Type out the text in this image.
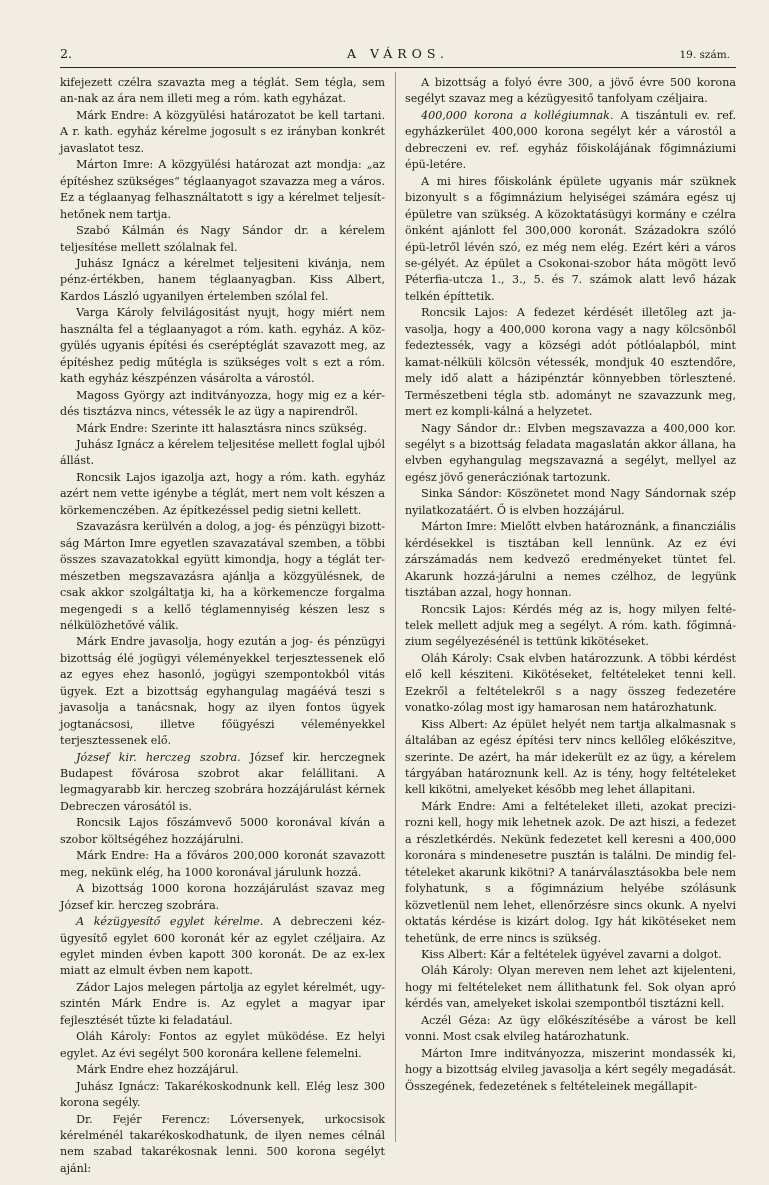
2.	A VÁROS.	19. szám.

kifejezett czélra szavazta meg a téglát. Sem tégla, sem an-nak az ára nem illeti meg a róm. kath egyházat.

Márk Endre: A közgyülési határozatot be kell tartani. A r. kath. egyház kérelme jogosult s ez irányban konkrét javaslatot tesz.

Márton Imre: A közgyülési határozat azt mondja: „az építéshez szükséges“ téglaanyagot szavazza meg a város. Ez a téglaanyag felhasználtatott s igy a kérelmet teljesít-hetőnek nem tartja.

Szabó Kálmán és Nagy Sándor dr. a kérelem teljesítése mellett szólalnak fel.

Juhász Ignácz a kérelmet teljesiteni kivánja, nem pénz-értékben, hanem téglaanyagban. Kiss Albert, Kardos László ugyanilyen értelemben szólal fel.

Varga Károly felvilágositást nyujt, hogy miért nem használta fel a téglaanyagot a róm. kath. egyház. A köz-gyülés ugyanis építési és cseréptéglát szavazott meg, az építéshez pedig műtégla is szükséges volt s ezt a róm. kath egyház készpénzen vásárolta a várostól.

Magoss György azt inditványozza, hogy mig ez a kér-dés tisztázva nincs, vétessék le az ügy a napirendről.

Márk Endre: Szerinte itt halasztásra nincs szükség.

Juhász Ignácz a kérelem teljesitése mellett foglal ujból állást.

Roncsik Lajos igazolja azt, hogy a róm. kath. egyház azért nem vette igénybe a téglát, mert nem volt készen a körkemenczében. Az építkezéssel pedig sietni kellett.

Szavazásra kerülvén a dolog, a jog- és pénzügyi bizott-ság Márton Imre egyetlen szavazatával szemben, a többi összes szavazatokkal együtt kimondja, hogy a téglát ter-mészetben megszavazásra ajánlja a közgyülésnek, de csak akkor szolgáltatja ki, ha a körkemencze forgalma megengedi s a kellő téglamennyiség készen lesz s nélkülözhetővé válik.

Márk Endre javasolja, hogy ezután a jog- és pénzügyi bizottság élé jogügyi véleményekkel terjesztessenek elő az egyes ehez hasonló, jogügyi szempontokból vitás ügyek. Ezt a bizottság egyhangulag magáévá teszi s javasolja a tanácsnak, hogy az ilyen fontos ügyek jogtanácsosi, illetve főügyészi véleményekkel terjesztessenek elő.

József kir. herczeg szobra. József kir. herczegnek Budapest fővárosa szobrot akar felállitani. A legmagyarabb kir. herczeg szobrára hozzájárulást kérnek Debreczen városától is.

Roncsik Lajos főszámvevő 5000 koronával kíván a szobor költségéhez hozzájárulni.

Márk Endre: Ha a főváros 200,000 koronát szavazott meg, nekünk elég, ha 1000 koronával járulunk hozzá.

A bizottság 1000 korona hozzájárulást szavaz meg József kir. herczeg szobrára.

A kézügyesítő egylet kérelme. A debreczeni kéz-ügyesítő egylet 600 koronát kér az egylet czéljaira. Az egylet minden évben kapott 300 koronát. De az ex-lex miatt az elmult évben nem kapott.

Zádor Lajos melegen pártolja az egylet kérelmét, ugy-szintén Márk Endre is. Az egylet a magyar ipar fejlesztését tűzte ki feladatául.

Oláh Károly: Fontos az egylet müködése. Ez helyi egylet. Az évi segélyt 500 koronára kellene felemelni.

Márk Endre ehez hozzájárul.

Juhász Ignácz: Takarékoskodnunk kell. Elég lesz 300 korona segély.

Dr. Fejér Ferencz: Lóversenyek, urkocsisok kérelménél takarékoskodhatunk, de ilyen nemes célnál nem szabad takarékosnak lenni. 500 korona segélyt ajánl:

A bizottság a folyó évre 300, a jövő évre 500 korona segélyt szavaz meg a kézügyesitő tanfolyam czéljaira.

400,000 korona a kollégiumnak. A tiszántuli ev. ref. egyházkerület 400,000 korona segélyt kér a várostól a debreczeni ev. ref. egyház főiskolájának főgimnáziumi épü-letére.

A mi hires főiskolánk épülete ugyanis már szüknek bizonyult s a főgimnázium helyiségei számára egész uj épületre van szükség. A közoktatásügyi kormány e czélra önként ajánlott fel 300,000 koronát. Századokra szóló épü-letről lévén szó, ez még nem elég. Ezért kéri a város se-gélyét. Az épület a Csokonai-szobor háta mögött levő Péterfia-utcza 1., 3., 5. és 7. számok alatt levő házak telkén építtetik.

Roncsik Lajos: A fedezet kérdését illetőleg azt ja-vasolja, hogy a 400,000 korona vagy a nagy kölcsönből fedeztessék, vagy a községi adót pótlóalapból, mint kamat-nélküli kölcsön vétessék, mondjuk 40 esztendőre, mely idő alatt a házipénztár könnyebben törlesztené. Természetbeni tégla stb. adományt ne szavazzunk meg, mert ez kompli-kálná a helyzetet.

Nagy Sándor dr.: Elvben megszavazza a 400,000 kor. segélyt s a bizottság feladata magaslatán akkor állana, ha elvben egyhangulag megszavazná a segélyt, mellyel az egész jövő generácziónak tartozunk.

Sinka Sándor: Köszönetet mond Nagy Sándornak szép nyilatkozatáért. Ő is elvben hozzájárul.

Márton Imre: Mielőtt elvben határoznánk, a financziális kérdésekkel is tisztában kell lennünk. Az ez évi zárszámadás nem kedvező eredményeket tüntet fel. Akarunk hozzá-járulni a nemes czélhoz, de legyünk tisztában azzal, hogy honnan.

Roncsik Lajos: Kérdés még az is, hogy milyen felté-telek mellett adjuk meg a segélyt. A róm. kath. főgimná-zium segélyezésénél is tettünk kikötéseket.

Oláh Károly: Csak elvben határozzunk. A többi kérdést elő kell késziteni. Kikötéseket, feltételeket tenni kell. Ezekről a feltételekről s a nagy összeg fedezetére vonatko-zólag most igy hamarosan nem határozhatunk.

Kiss Albert: Az épület helyét nem tartja alkalmasnak s általában az egész építési terv nincs kellőleg előkészitve, szerinte. De azért, ha már idekerült ez az ügy, a kérelem tárgyában határoznunk kell. Az is tény, hogy feltételeket kell kikötni, amelyeket később meg lehet állapitani.

Márk Endre: Ami a feltételeket illeti, azokat precizi-rozni kell, hogy mik lehetnek azok. De azt hiszi, a fedezet a részletkérdés. Nekünk fedezetet kell keresni a 400,000 koronára s mindenesetre pusztán is találni. De mindig fel-tételeket akarunk kikötni? A tanárválasztásokba bele nem folyhatunk, s a főgimnázium helyébe szólásunk közvetlenül nem lehet, ellenőrzésre sincs okunk. A nyelvi oktatás kérdése is kizárt dolog. Igy hát kikötéseket nem tehetünk, de erre nincs is szükség.

Kiss Albert: Kár a feltételek ügyével zavarni a dolgot.

Oláh Károly: Olyan mereven nem lehet azt kijelenteni, hogy mi feltételeket nem állithatunk fel. Sok olyan apró kérdés van, amelyeket iskolai szempontból tisztázni kell.

Aczél Géza: Az ügy előkészítésébe a várost be kell vonni. Most csak elvileg határozhatunk.

Márton Imre inditványozza, miszerint mondassék ki, hogy a bizottság elvileg javasolja a kért segély megadását. Összegének, fedezetének s feltételeinek megállapit-
